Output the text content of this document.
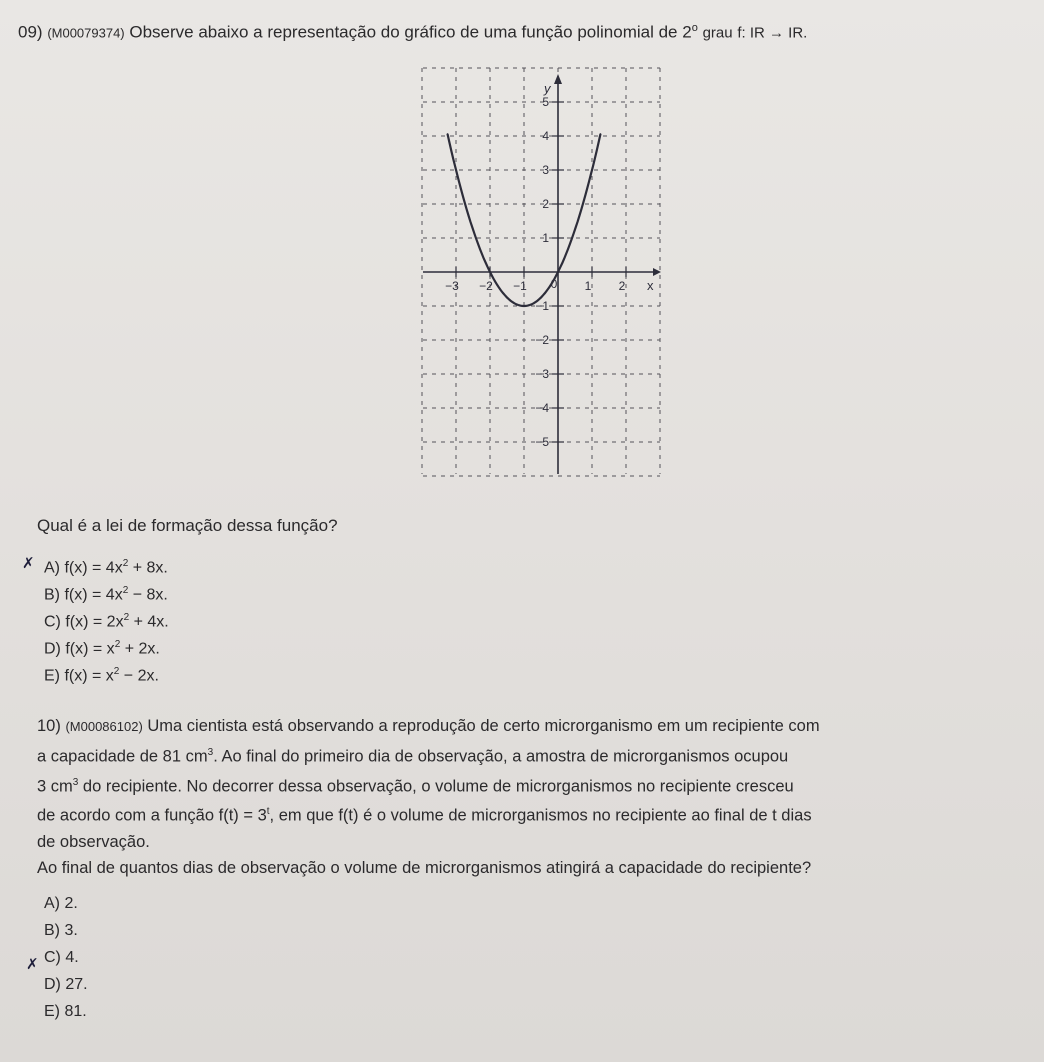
09) (M00079374) Observe abaixo a representação do gráfico de uma função polinomial de 2$^o$ grau f: IR → IR.
x
y
−3 −2 −1 0 1 2
5
4
3
2
1
−1
−2
−3
−4
−5
Qual é a lei de formação dessa função?
✗ A) $f(x) = 4x^2 + 8x$.
B) $f(x) = 4x^2 - 8x$.
C) $f(x) = 2x^2 + 4x$.
D) $f(x) = x^2 + 2x$.
E) $f(x) = x^2 - 2x$.
10) (M00086102) Uma cientista está observando a reprodução de certo microrganismo em um recipiente com
a capacidade de 81 $cm^3$. Ao final do primeiro dia de observação, a amostra de microrganismos ocupou
3 $cm^3$ do recipiente. No decorrer dessa observação, o volume de microrganismos no recipiente cresceu
de acordo com a função $f(t) = 3^t$, em que f(t) é o volume de microrganismos no recipiente ao final de t dias
de observação.
Ao final de quantos dias de observação o volume de microrganismos atingirá a capacidade do recipiente?
✗
A) 2.
B) 3.
C) 4.
D) 27.
E) 81.
